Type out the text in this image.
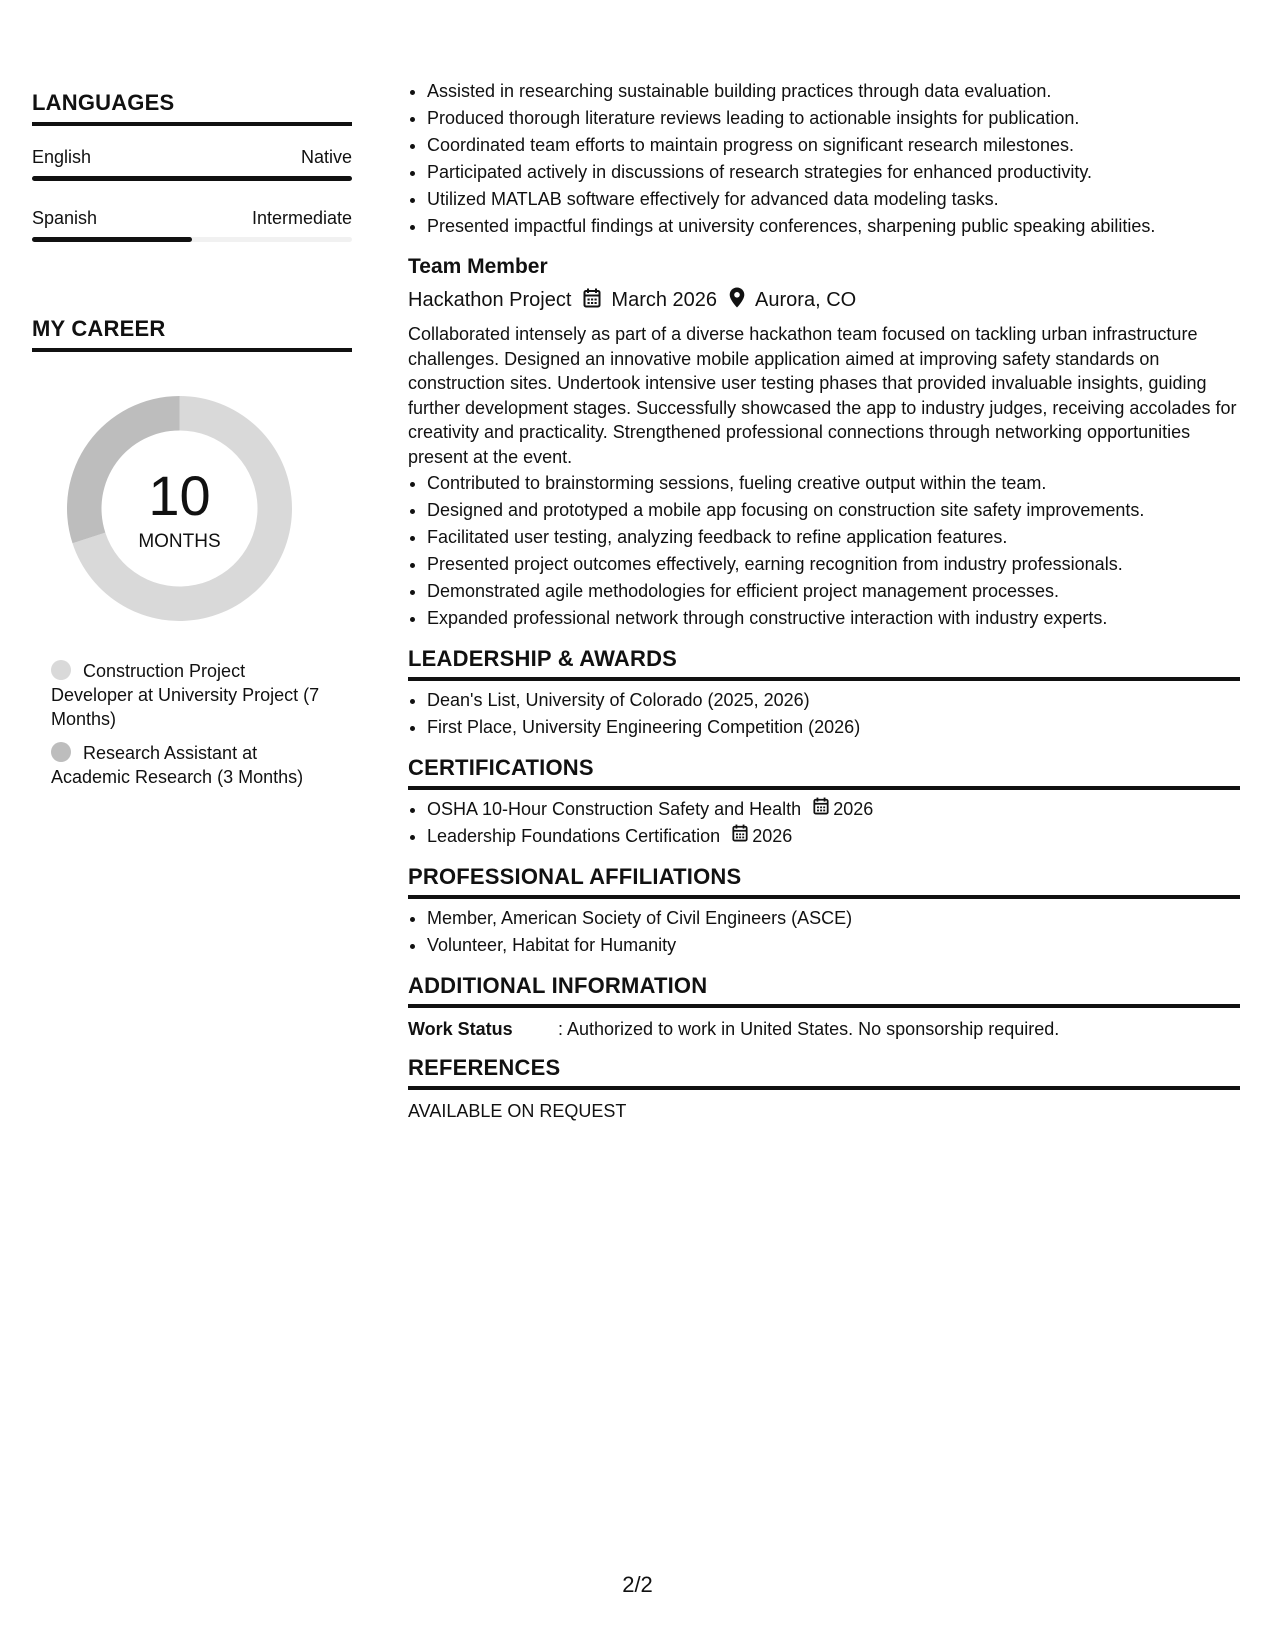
LANGUAGES
English	Native
Spanish	Intermediate
MY CAREER
10
MONTHS
Construction Project Developer at University Project (7 Months)
Research Assistant at Academic Research (3 Months)
• Assisted in researching sustainable building practices through data evaluation.
• Produced thorough literature reviews leading to actionable insights for publication.
• Coordinated team efforts to maintain progress on significant research milestones.
• Participated actively in discussions of research strategies for enhanced productivity.
• Utilized MATLAB software effectively for advanced data modeling tasks.
• Presented impactful findings at university conferences, sharpening public speaking abilities.
Team Member
Hackathon Project March 2026 Aurora, CO
Collaborated intensely as part of a diverse hackathon team focused on tackling urban infrastructure challenges. Designed an innovative mobile application aimed at improving safety standards on construction sites. Undertook intensive user testing phases that provided invaluable insights, guiding further development stages. Successfully showcased the app to industry judges, receiving accolades for creativity and practicality. Strengthened professional connections through networking opportunities present at the event.
• Contributed to brainstorming sessions, fueling creative output within the team.
• Designed and prototyped a mobile app focusing on construction site safety improvements.
• Facilitated user testing, analyzing feedback to refine application features.
• Presented project outcomes effectively, earning recognition from industry professionals.
• Demonstrated agile methodologies for efficient project management processes.
• Expanded professional network through constructive interaction with industry experts.
LEADERSHIP & AWARDS
• Dean's List, University of Colorado (2025, 2026)
• First Place, University Engineering Competition (2026)
CERTIFICATIONS
• OSHA 10-Hour Construction Safety and Health 2026
• Leadership Foundations Certification 2026
PROFESSIONAL AFFILIATIONS
• Member, American Society of Civil Engineers (ASCE)
• Volunteer, Habitat for Humanity
ADDITIONAL INFORMATION
Work Status	: Authorized to work in United States. No sponsorship required.
REFERENCES
AVAILABLE ON REQUEST
2/2
